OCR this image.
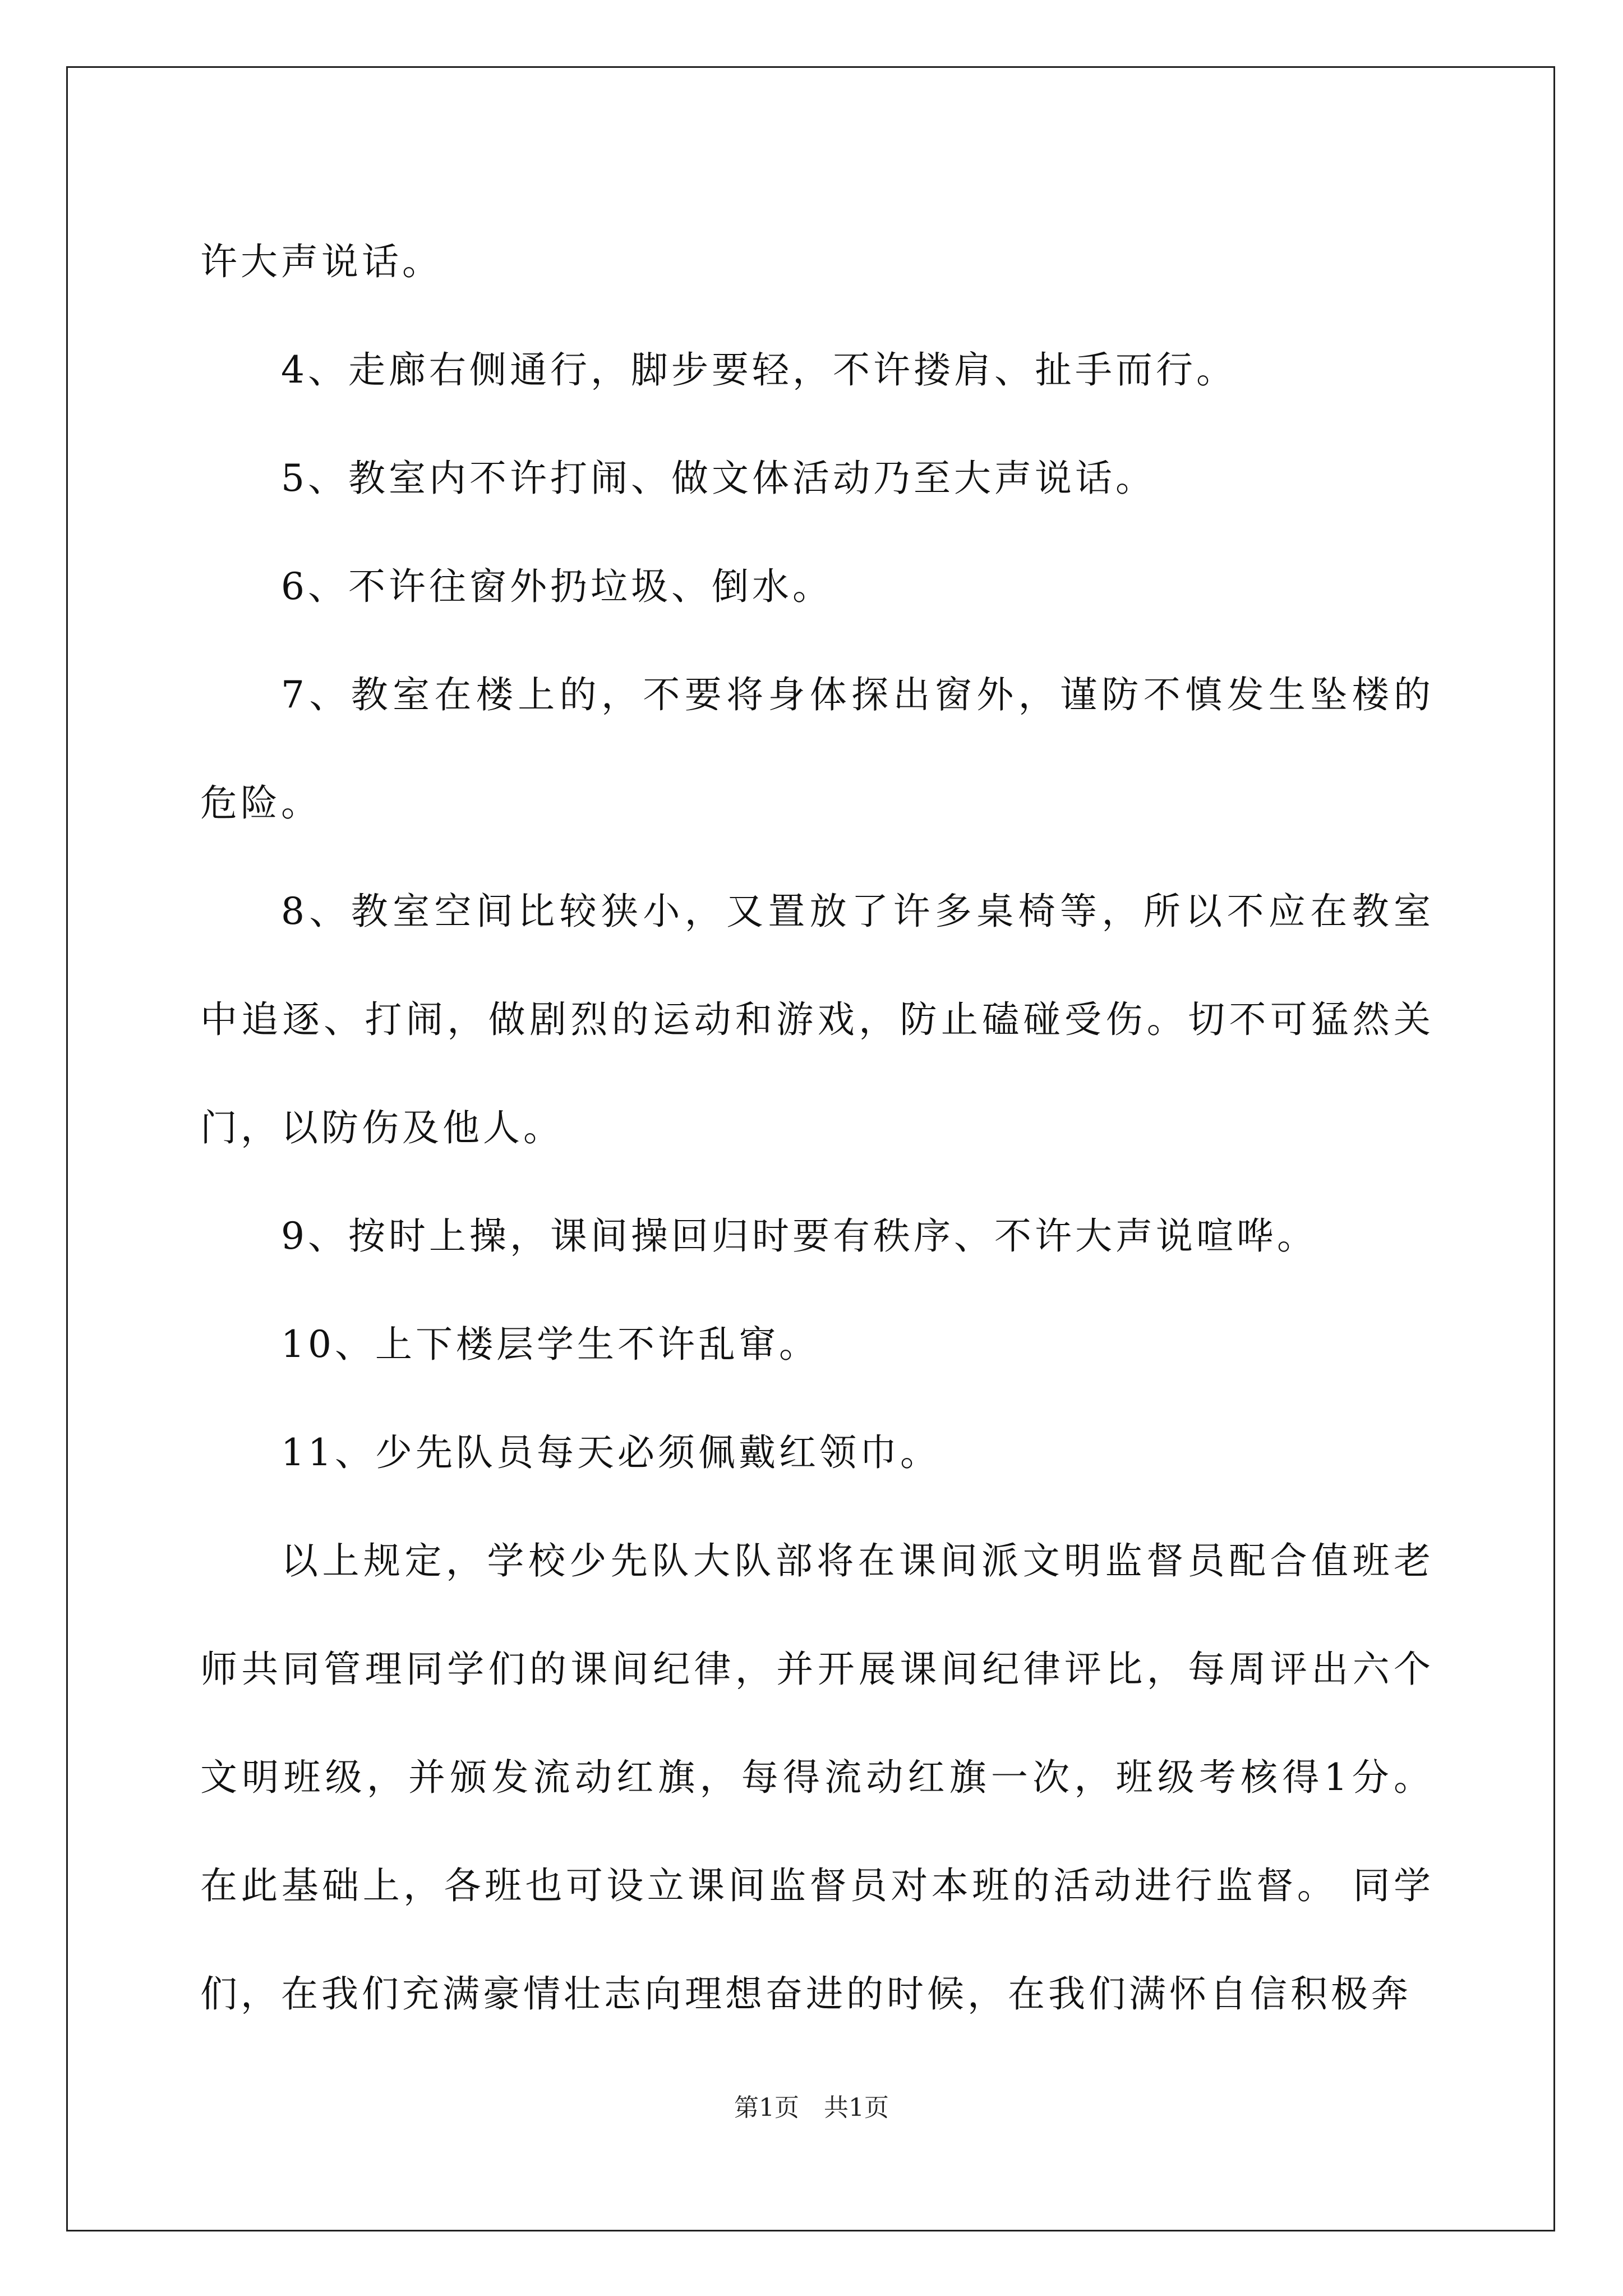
许大声说话。

4、走廊右侧通行，脚步要轻，不许搂肩、扯手而行。

5、教室内不许打闹、做文体活动乃至大声说话。

6、不许往窗外扔垃圾、倒水。

7、教室在楼上的，不要将身体探出窗外，谨防不慎发生坠楼的危险。

8、教室空间比较狭小，又置放了许多桌椅等，所以不应在教室中追逐、打闹，做剧烈的运动和游戏，防止磕碰受伤。切不可猛然关门，以防伤及他人。

9、按时上操，课间操回归时要有秩序、不许大声说喧哗。

10、上下楼层学生不许乱窜。

11、少先队员每天必须佩戴红领巾。

以上规定，学校少先队大队部将在课间派文明监督员配合值班老师共同管理同学们的课间纪律，并开展课间纪律评比，每周评出六个文明班级，并颁发流动红旗，每得流动红旗一次，班级考核得1分。在此基础上，各班也可设立课间监督员对本班的活动进行监督。 同学们，在我们充满豪情壮志向理想奋进的时候，在我们满怀自信积极奔

第1页 共1页
